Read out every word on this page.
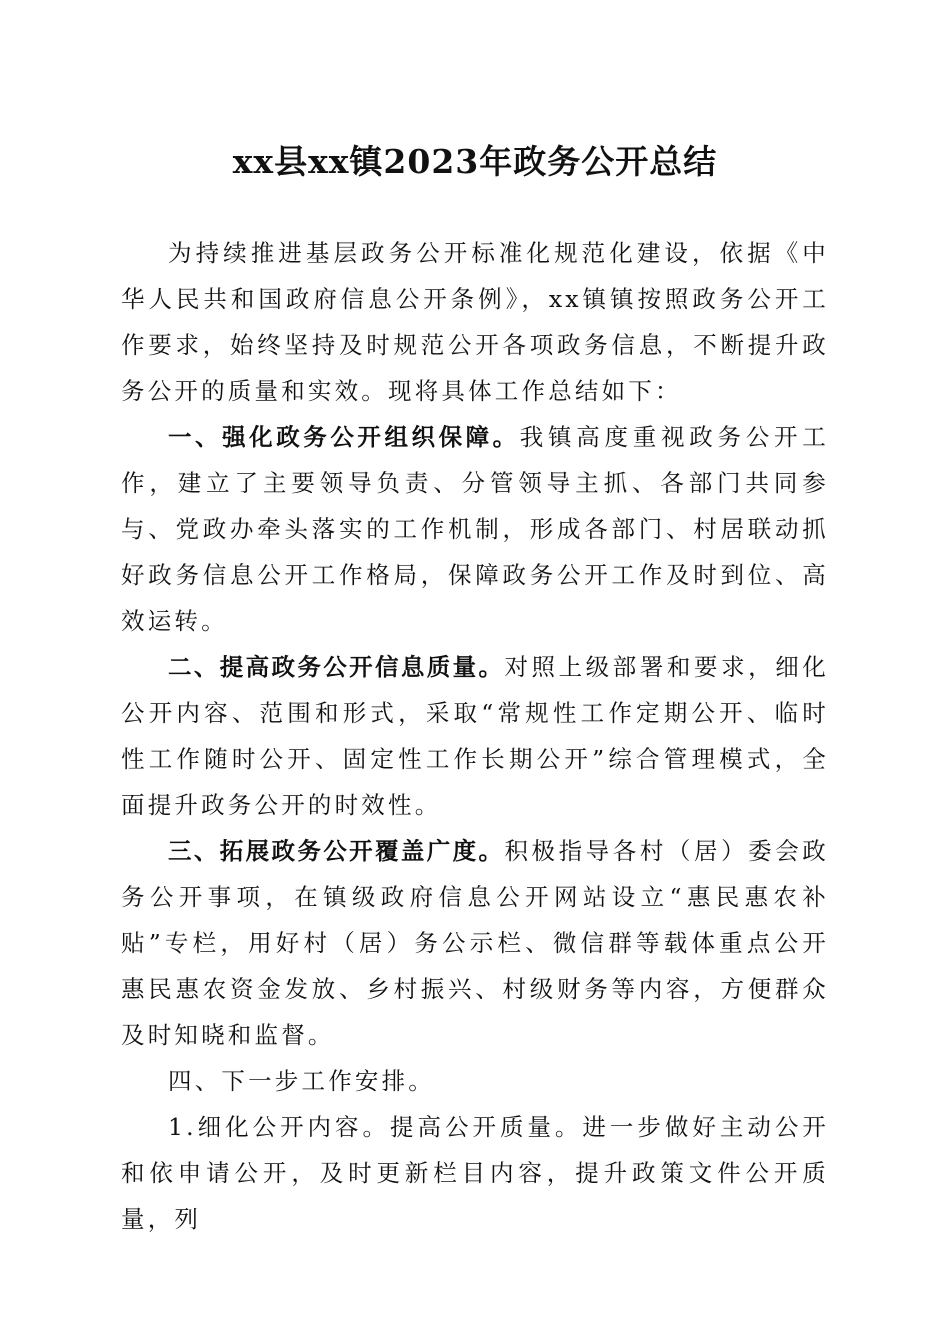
xx县xx镇2023年政务公开总结

为持续推进基层政务公开标准化规范化建设，依据《中华人民共和国政府信息公开条例》，xx镇镇按照政务公开工作要求，始终坚持及时规范公开各项政务信息，不断提升政务公开的质量和实效。现将具体工作总结如下：

一、强化政务公开组织保障。我镇高度重视政务公开工作，建立了主要领导负责、分管领导主抓、各部门共同参与、党政办牵头落实的工作机制，形成各部门、村居联动抓好政务信息公开工作格局，保障政务公开工作及时到位、高效运转。

二、提高政务公开信息质量。对照上级部署和要求，细化公开内容、范围和形式，采取“常规性工作定期公开、临时性工作随时公开、固定性工作长期公开”综合管理模式，全面提升政务公开的时效性。

三、拓展政务公开覆盖广度。积极指导各村（居）委会政务公开事项，在镇级政府信息公开网站设立“惠民惠农补贴”专栏，用好村（居）务公示栏、微信群等载体重点公开惠民惠农资金发放、乡村振兴、村级财务等内容，方便群众及时知晓和监督。

四、下一步工作安排。

1.细化公开内容。提高公开质量。进一步做好主动公开和依申请公开，及时更新栏目内容，提升政策文件公开质量，列
